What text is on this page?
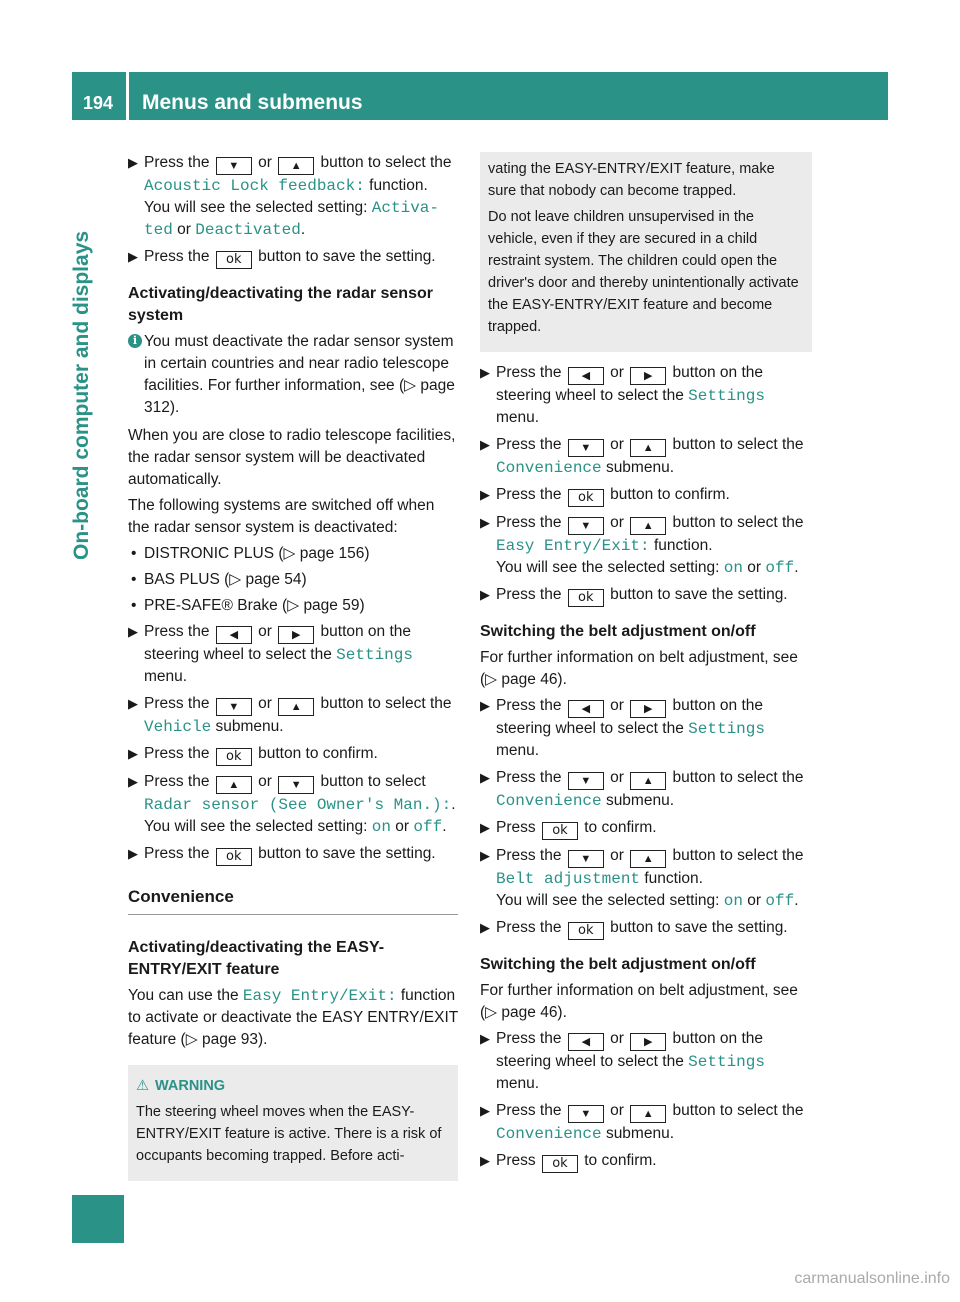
194	Menus and submenus
On-board computer and displays
▶ Press the ▼ or ▲ button to select the Acoustic Lock feedback: function.
You will see the selected setting: Activa-ted or Deactivated.
▶ Press the ok button to save the setting.
Activating/deactivating the radar sensor system
i You must deactivate the radar sensor system in certain countries and near radio telescope facilities. For further information, see (▷ page 312).

When you are close to radio telescope facilities, the radar sensor system will be deactivated automatically.

The following systems are switched off when the radar sensor system is deactivated:

• DISTRONIC PLUS (▷ page 156)
• BAS PLUS (▷ page 54)
• PRE-SAFE® Brake (▷ page 59)
▶ Press the ◀ or ▶ button on the steering wheel to select the Settings menu.
▶ Press the ▼ or ▲ button to select the Vehicle submenu.
▶ Press the ok button to confirm.
▶ Press the ▲ or ▼ button to select Radar sensor (See Owner's Man.):.
You will see the selected setting: on or off.
▶ Press the ok button to save the setting.
Convenience
Activating/deactivating the EASY-ENTRY/EXIT feature

You can use the Easy Entry/Exit: function to activate or deactivate the EASY ENTRY/EXIT feature (▷ page 93).

⚠ WARNING

The steering wheel moves when the EASY-ENTRY/EXIT feature is active. There is a risk of occupants becoming trapped. Before acti-

vating the EASY-ENTRY/EXIT feature, make sure that nobody can become trapped.

Do not leave children unsupervised in the vehicle, even if they are secured in a child restraint system. The children could open the driver's door and thereby unintentionally activate the EASY-ENTRY/EXIT feature and become trapped.

▶ Press the ◀ or ▶ button on the steering wheel to select the Settings menu.
▶ Press the ▼ or ▲ button to select the Convenience submenu.
▶ Press the ok button to confirm.
▶ Press the ▼ or ▲ button to select the Easy Entry/Exit: function.
You will see the selected setting: on or off.
▶ Press the ok button to save the setting.
Switching the belt adjustment on/off

For further information on belt adjustment, see (▷ page 46).

▶ Press the ◀ or ▶ button on the steering wheel to select the Settings menu.
▶ Press the ▼ or ▲ button to select the Convenience submenu.
▶ Press ok to confirm.
▶ Press the ▼ or ▲ button to select the Belt adjustment function.
You will see the selected setting: on or off.
▶ Press the ok button to save the setting.
Switching the belt adjustment on/off

For further information on belt adjustment, see (▷ page 46).

▶ Press the ◀ or ▶ button on the steering wheel to select the Settings menu.
▶ Press the ▼ or ▲ button to select the Convenience submenu.
▶ Press ok to confirm.
carmanualsonline.info
